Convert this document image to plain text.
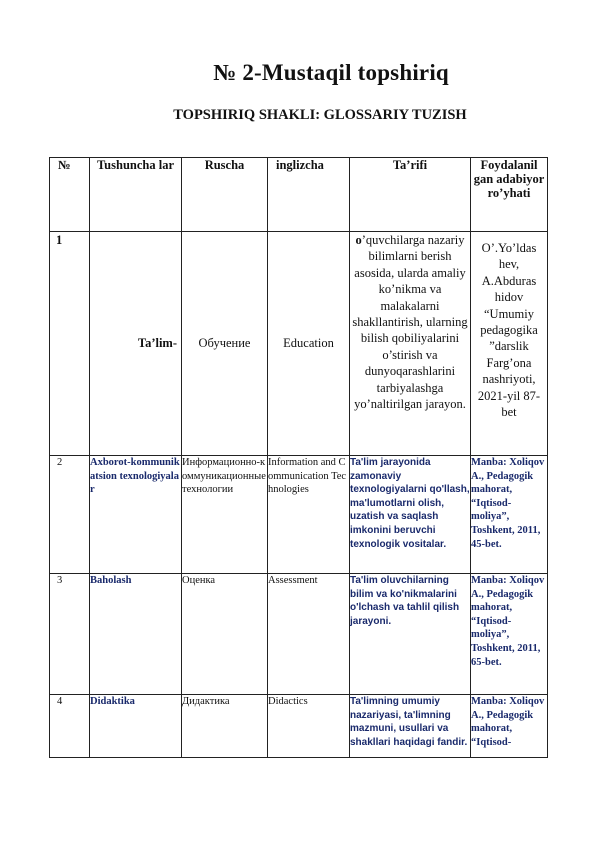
№ 2-Mustaqil topshiriq
TOPSHIRIQ SHAKLI: GLOSSARIY TUZISH
№	Tushuncha lar	Ruscha	inglizcha	Ta’rifi	Foydalanil gan adabiyor ro’yhati
1	Ta’lim-	Обучение	Education	o’quvchilarga nazariy bilimlarni berish asosida, ularda amaliy ko’nikma va malakalarni shakllantirish, ularning bilish qobiliyalarini o’stirish va dunyoqarashlarini tarbiyalashga yo’naltirilgan jarayon.	O’.Yo’ldas hev, A.Abduras hidov “Umumiy pedagogika ”darslik Farg’ona nashriyoti, 2021-yil 87-bet
2	Axborot-kommunikatsion texnologiyalar	Информационно-коммуникационные технологии	Information and Communication Technologies	Ta'lim jarayonida zamonaviy texnologiyalarni qo'llash, ma'lumotlarni olish, uzatish va saqlash imkonini beruvchi texnologik vositalar.	Manba: Xoliqov A., Pedagogik mahorat, “Iqtisod-moliya”, Toshkent, 2011, 45-bet.
3	Baholash	Оценка	Assessment	Ta'lim oluvchilarning bilim va ko'nikmalarini o'lchash va tahlil qilish jarayoni.	Manba: Xoliqov A., Pedagogik mahorat, “Iqtisod-moliya”, Toshkent, 2011, 65-bet.
4	Didaktika	Дидактика	Didactics	Ta'limning umumiy nazariyasi, ta'limning mazmuni, usullari va shakllari haqidagi fandir.	Manba: Xoliqov A., Pedagogik mahorat, “Iqtisod-
